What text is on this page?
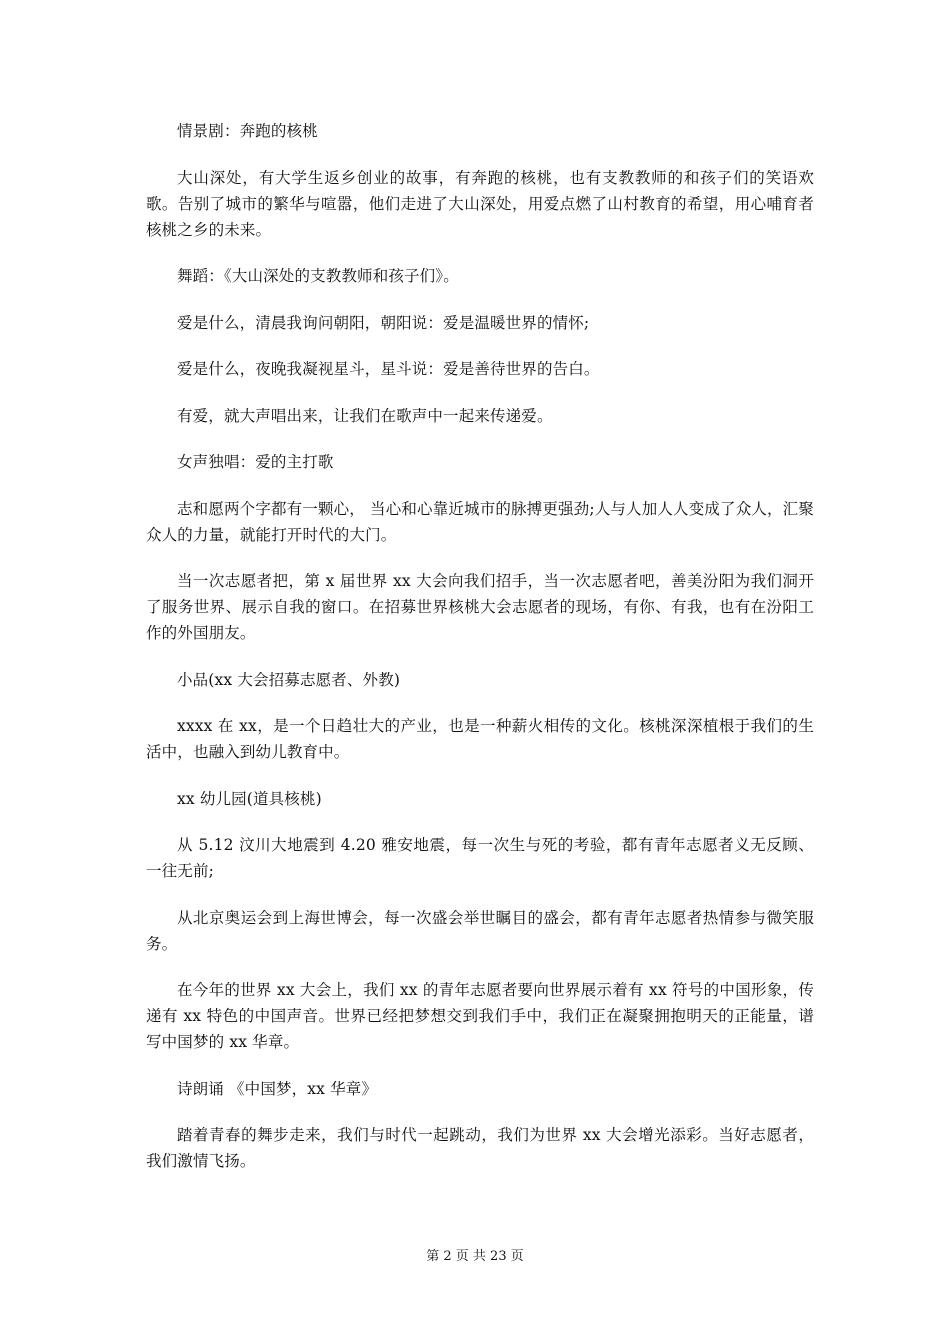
情景剧：奔跑的核桃

大山深处，有大学生返乡创业的故事，有奔跑的核桃，也有支教教师的和孩子们的笑语欢歌。告别了城市的繁华与喧嚣，他们走进了大山深处，用爱点燃了山村教育的希望，用心哺育者核桃之乡的未来。

舞蹈：《大山深处的支教教师和孩子们》。

爱是什么，清晨我询问朝阳，朝阳说：爱是温暖世界的情怀;

爱是什么，夜晚我凝视星斗，星斗说：爱是善待世界的告白。

有爱，就大声唱出来，让我们在歌声中一起来传递爱。

女声独唱：爱的主打歌

志和愿两个字都有一颗心， 当心和心靠近城市的脉搏更强劲;人与人加人人变成了众人，汇聚众人的力量，就能打开时代的大门。

当一次志愿者把，第 x 届世界 xx 大会向我们招手，当一次志愿者吧，善美汾阳为我们洞开了服务世界、展示自我的窗口。在招募世界核桃大会志愿者的现场，有你、有我，也有在汾阳工作的外国朋友。

小品(xx 大会招募志愿者、外教)

xxxx 在 xx，是一个日趋壮大的产业，也是一种薪火相传的文化。核桃深深植根于我们的生活中，也融入到幼儿教育中。

xx 幼儿园(道具核桃)

从 5.12 汶川大地震到 4.20 雅安地震，每一次生与死的考验，都有青年志愿者义无反顾、一往无前;

从北京奥运会到上海世博会，每一次盛会举世瞩目的盛会，都有青年志愿者热情参与微笑服务。

在今年的世界 xx 大会上，我们 xx 的青年志愿者要向世界展示着有 xx 符号的中国形象，传递有 xx 特色的中国声音。世界已经把梦想交到我们手中，我们正在凝聚拥抱明天的正能量，谱写中国梦的 xx 华章。

诗朗诵 《中国梦，xx 华章》

踏着青春的舞步走来，我们与时代一起跳动，我们为世界 xx 大会增光添彩。当好志愿者，我们激情飞扬。

第 2 页 共 23 页
